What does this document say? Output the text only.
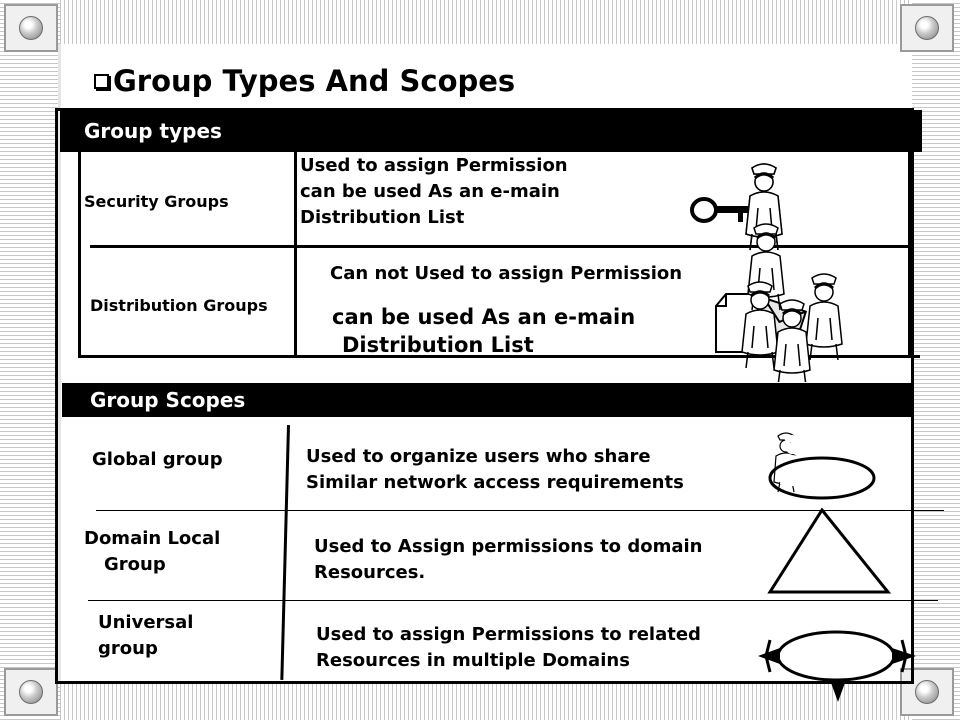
Group Types And Scopes
Group types
Security Groups
Used to assign Permission
can be used As an e-main
Distribution List
Distribution Groups
Can not Used to assign Permission
can be used As an e-main
Distribution List
Group Scopes
Global group	Used to organize users who share
Similar network access requirements
Domain Local
Group
Used to Assign permissions to domain
Resources.
Universal
group
Used to assign Permissions to related
Resources in multiple Domains
